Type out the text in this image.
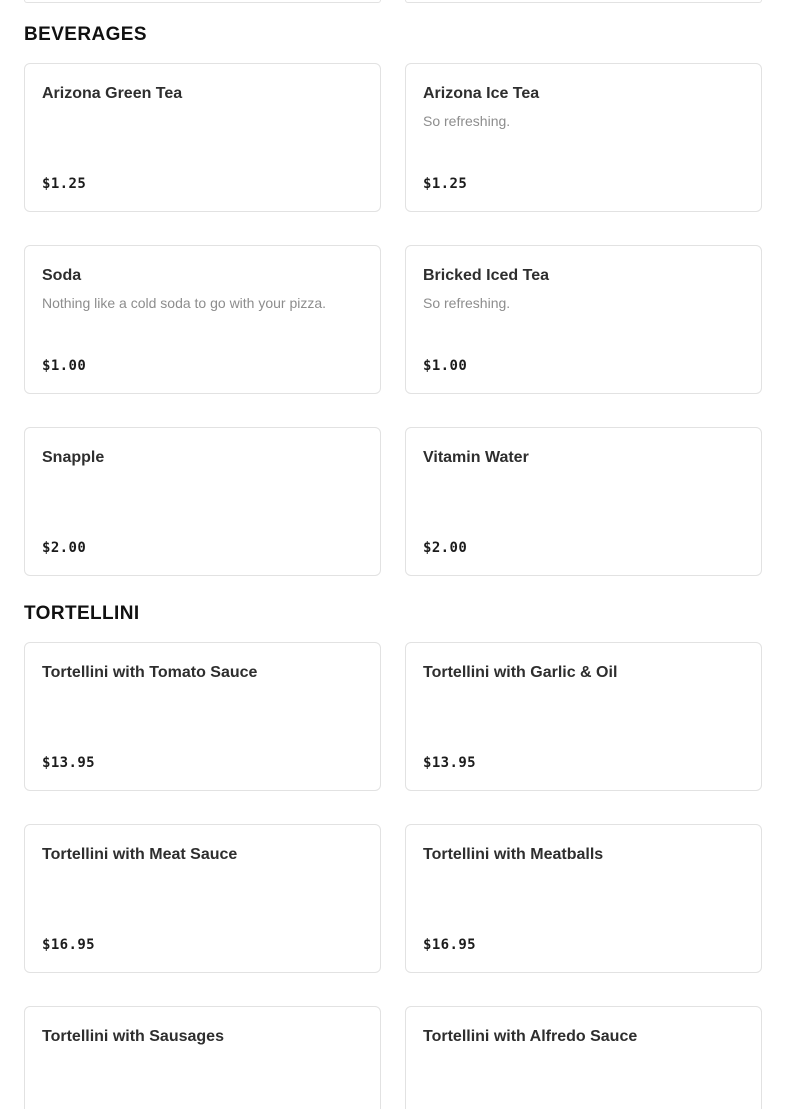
BEVERAGES
Arizona Green Tea
$1.25
Arizona Ice Tea
So refreshing.
$1.25
Soda
Nothing like a cold soda to go with your pizza.
$1.00
Bricked Iced Tea
So refreshing.
$1.00
Snapple
$2.00
Vitamin Water
$2.00
TORTELLINI
Tortellini with Tomato Sauce
$13.95
Tortellini with Garlic & Oil
$13.95
Tortellini with Meat Sauce
$16.95
Tortellini with Meatballs
$16.95
Tortellini with Sausages	Tortellini with Alfredo Sauce
